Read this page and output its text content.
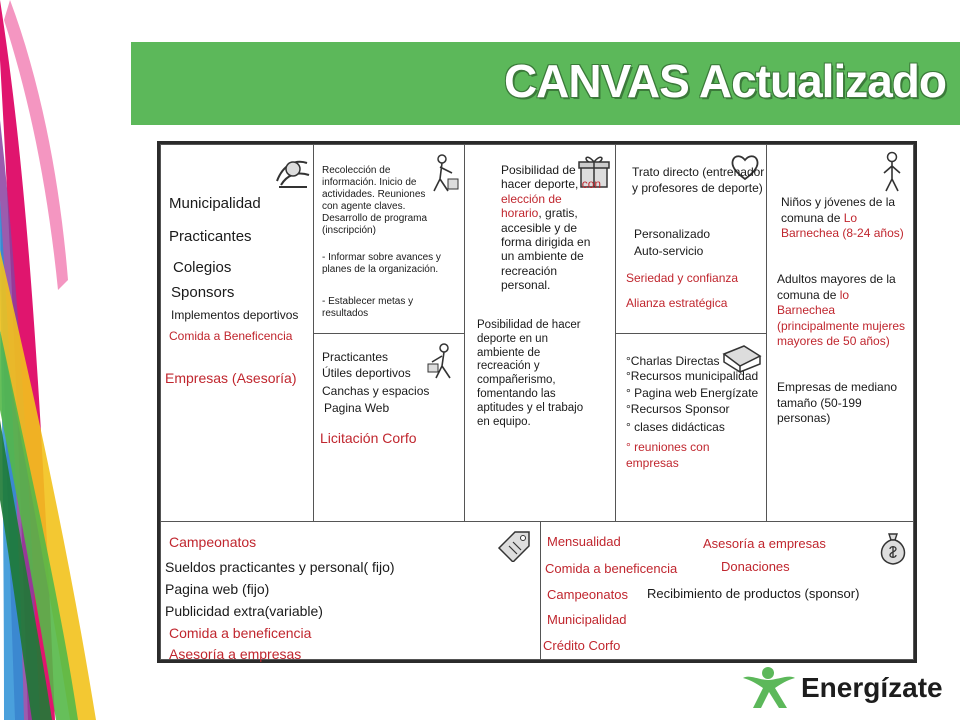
CANVAS Actualizado
Municipalidad
Practicantes
Colegios
Sponsors
Implementos deportivos
Comida a Beneficencia
Empresas (Asesoría)
Recolección de información. Inicio de actividades. Reuniones con agente claves. Desarrollo de programa (inscripción)
- Informar sobre avances y planes de la organización.
- Establecer metas y resultados
Practicantes
Útiles deportivos
Canchas y espacios
Pagina Web
Licitación Corfo
Posibilidad de hacer deporte, con elección de horario, gratis, accesible y de forma dirigida en un ambiente de recreación personal.
Posibilidad de hacer deporte en un ambiente de recreación y compañerismo, fomentando las aptitudes y el trabajo en equipo.
Trato directo (entrenador y profesores de deporte)
Personalizado
Auto-servicio
Seriedad y confianza
Alianza estratégica
°Charlas Directas
°Recursos municipalidad
° Pagina web Energízate
°Recursos Sponsor
° clases didácticas
° reuniones con
empresas
Niños y jóvenes de la comuna de Lo Barnechea (8-24 años)
Adultos mayores de la comuna de lo Barnechea (principalmente mujeres mayores de 50 años)
Empresas de mediano tamaño (50-199 personas)
Campeonatos
Sueldos practicantes y personal( fijo)
Pagina web (fijo)
Publicidad extra(variable)
Comida a beneficencia
Asesoría a empresas
Mensualidad	Asesoría a empresas
Comida a beneficencia	Donaciones
Campeonatos Recibimiento de productos (sponsor)
Municipalidad
Crédito Corfo
Energízate
